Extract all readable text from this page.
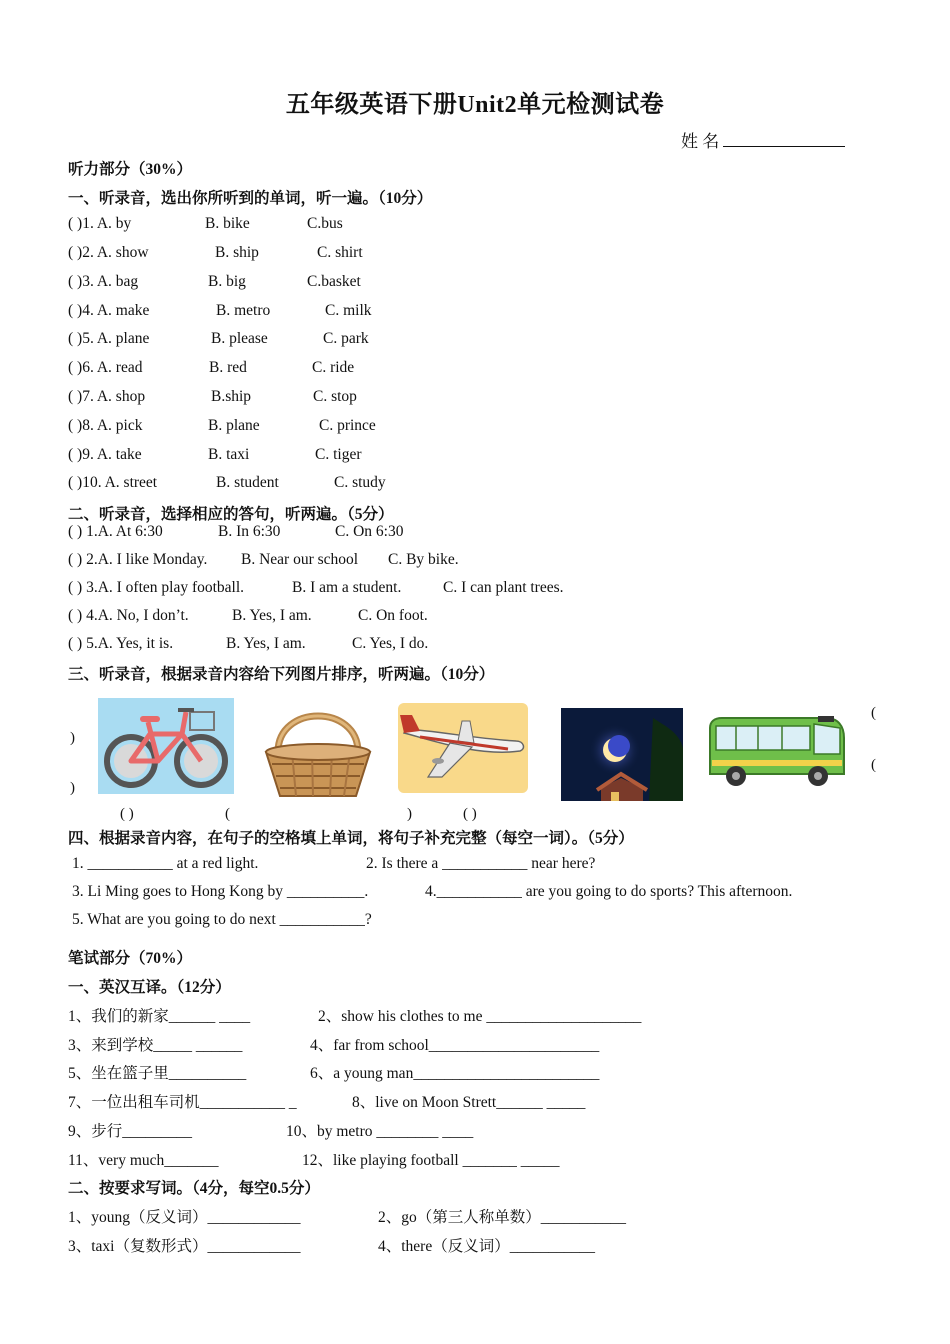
五年级英语下册Unit2单元检测试卷
姓 名
听力部分（30%）
一、听录音，选出你所听到的单词，听一遍。（10分）
( )1. A. by	B. bike	C.bus
( )2. A. show	B. ship	C. shirt
( )3. A. bag	B. big	C.basket
( )4. A. make	B. metro	C. milk
( )5. A. plane	B. please	C. park
( )6. A. read	B. red	C. ride
( )7. A. shop	B.ship	C. stop
( )8. A. pick	B. plane	C. prince
( )9. A. take	B. taxi	C. tiger
( )10. A. street	B. student	C. study
二、听录音，选择相应的答句，听两遍。（5分）
( ) 1.A. At 6:30	B. In 6:30	C. On 6:30
( ) 2.A. I like Monday. B. Near our school C. By bike.
( ) 3.A. I often play football.	B. I am a student.	C. I can plant trees.
( ) 4.A. No, I don’t.	B. Yes, I am.	C. On foot.
( ) 5.A. Yes, it is.	B. Yes, I am.	C. Yes, I do.
三、听录音，根据录音内容给下列图片排序，听两遍。（10分）
)
)
(
(
( )	(	)	( )
四、根据录音内容，在句子的空格填上单词，将句子补充完整（每空一词）。（5分）
1. ___________ at a red light.	2. Is there a ___________ near here?
3. Li Ming goes to Hong Kong by __________.	4.___________ are you going to do sports? This afternoon.
5. What are you going to do next ___________?
笔试部分（70%）
一、英汉互译。（12分）
1、我们的新家______ ____	2、show his clothes to me ____________________
3、来到学校_____ ______	4、far from school______________________
5、坐在篮子里__________	6、a young man________________________
7、一位出租车司机___________ _	8、live on Moon Strett______ _____
9、步行_________	10、by metro ________ ____
11、very much_______	12、like playing football _______ _____
二、按要求写词。（4分，每空0.5分）
1、young（反义词）____________	2、go（第三人称单数）___________
3、taxi（复数形式）____________	4、there（反义词）___________
